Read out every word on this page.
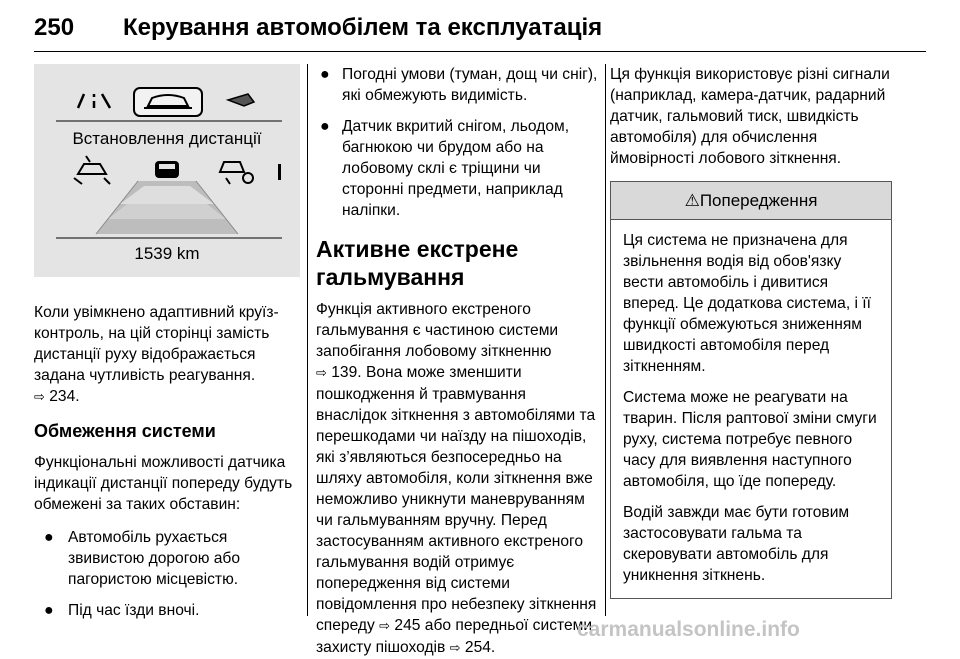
250 Керування автомобілем та експлуатація
Встановлення дистанції
1539 km

Коли увімкнено адаптивний круїз-контроль, на цій сторінці замість дистанції руху відображається задана чутливість реагування.
⇨ 234.

Обмеження системи

Функціональні можливості датчика індикації дистанції попереду будуть обмежені за таких обставин:

● Автомобіль рухається звивистою дорогою або пагористою місцевістю.
● Під час їзди вночі.
● Погодні умови (туман, дощ чи сніг), які обмежують видимість.
● Датчик вкритий снігом, льодом, багнюкою чи брудом або на лобовому склі є тріщини чи сторонні предмети, наприклад наліпки.
Активне екстрене гальмування

Функція активного екстреного гальмування є частиною системи запобігання лобовому зіткненню
⇨ 139. Вона може зменшити пошкодження й травмування внаслідок зіткнення з автомобілями та перешкодами чи наїзду на пішоходів, які з’являються безпосередньо на шляху автомобіля, коли зіткнення вже неможливо уникнути маневруванням чи гальмуванням вручну. Перед застосуванням активного екстреного гальмування водій отримує попередження від системи повідомлення про небезпеку зіткнення спереду ⇨ 245 або передньої системи захисту пішоходів ⇨ 254.

Ця функція використовує різні сигнали (наприклад, камера-датчик, радарний датчик, гальмовий тиск, швидкість автомобіля) для обчислення ймовірності лобового зіткнення.

⚠Попередження

Ця система не призначена для звільнення водія від обов'язку вести автомобіль і дивитися вперед. Це додаткова система, і її функції обмежуються зниженням швидкості автомобіля перед зіткненням.

Система може не реагувати на тварин. Після раптової зміни смуги руху, система потребує певного часу для виявлення наступного автомобіля, що їде попереду.

Водій завжди має бути готовим застосовувати гальма та скеровувати автомобіль для уникнення зіткнень.

carmanualsonline.info
